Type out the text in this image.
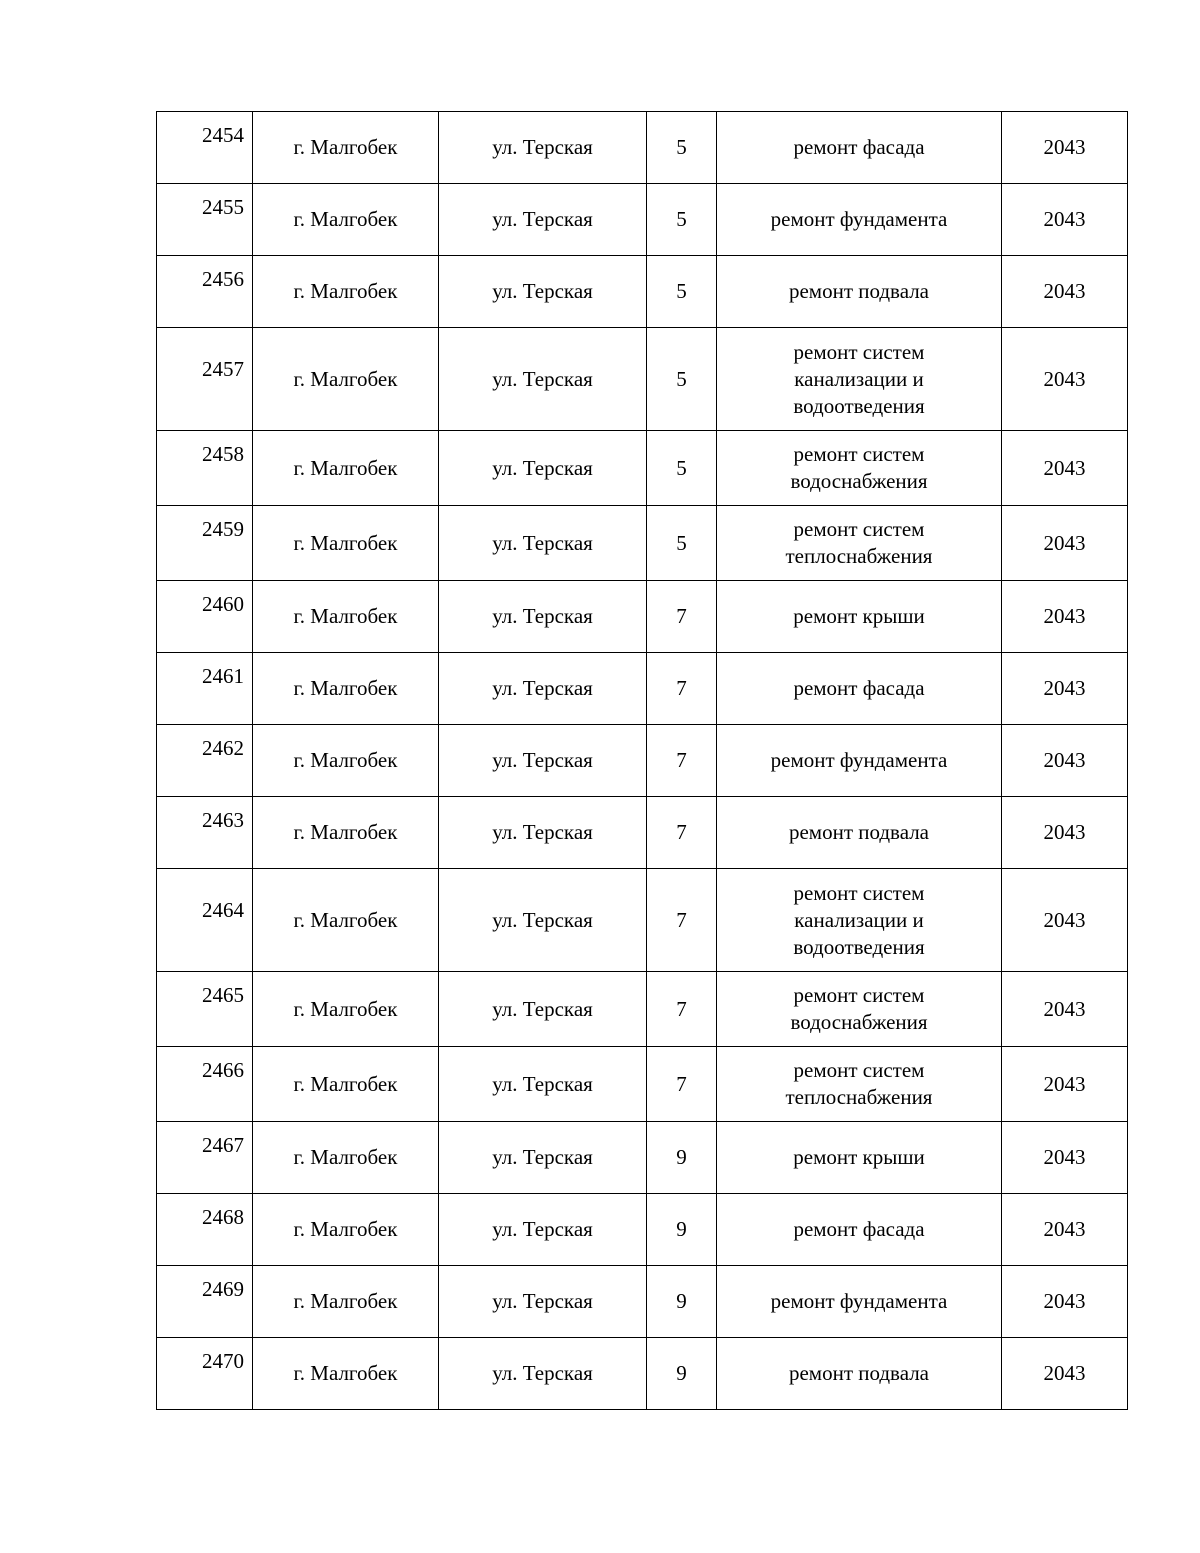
2454	г. Малгобек	ул. Терская	5	ремонт фасада	2043
2455	г. Малгобек	ул. Терская	5	ремонт фундамента	2043
2456	г. Малгобек	ул. Терская	5	ремонт подвала	2043
2457	г. Малгобек	ул. Терская	5	ремонт систем канализации и водоотведения	2043
2458	г. Малгобек	ул. Терская	5	ремонт систем водоснабжения	2043
2459	г. Малгобек	ул. Терская	5	ремонт систем теплоснабжения	2043
2460	г. Малгобек	ул. Терская	7	ремонт крыши	2043
2461	г. Малгобек	ул. Терская	7	ремонт фасада	2043
2462	г. Малгобек	ул. Терская	7	ремонт фундамента	2043
2463	г. Малгобек	ул. Терская	7	ремонт подвала	2043
2464	г. Малгобек	ул. Терская	7	ремонт систем канализации и водоотведения	2043
2465	г. Малгобек	ул. Терская	7	ремонт систем водоснабжения	2043
2466	г. Малгобек	ул. Терская	7	ремонт систем теплоснабжения	2043
2467	г. Малгобек	ул. Терская	9	ремонт крыши	2043
2468	г. Малгобек	ул. Терская	9	ремонт фасада	2043
2469	г. Малгобек	ул. Терская	9	ремонт фундамента	2043
2470	г. Малгобек	ул. Терская	9	ремонт подвала	2043
